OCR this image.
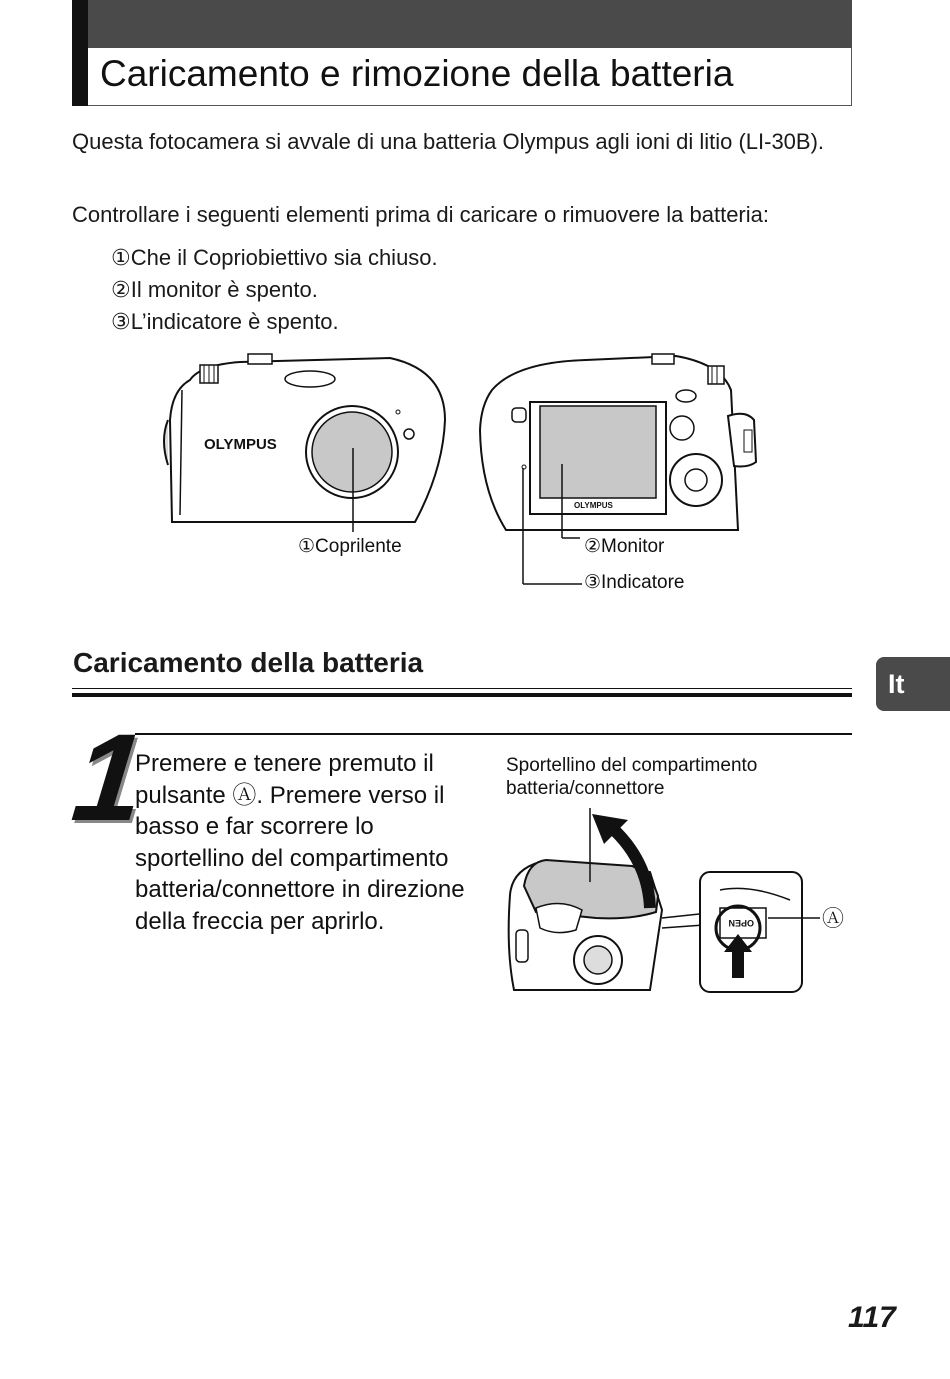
Caricamento e rimozione della batteria
Questa fotocamera si avvale di una batteria Olympus agli ioni di litio (LI-30B).
Controllare i seguenti elementi prima di caricare o rimuovere la batteria:
①Che il Copriobiettivo sia chiuso.
②Il monitor è spento.
③L’indicatore è spento.
OLYMPUS
OLYMPUS
①Coprilente	②Monitor
③Indicatore
Caricamento della batteria
It
1
Premere e tenere premuto il pulsante Ⓐ. Premere verso il basso e far scorrere lo sportellino del compartimento batteria/connettore in direzione della freccia per aprirlo.
Sportellino del compartimento batteria/connettore
OPEN	Ⓐ
117
